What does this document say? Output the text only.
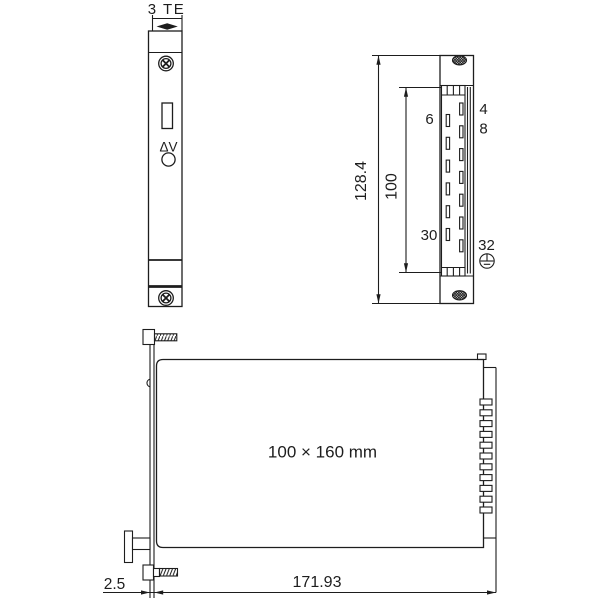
3 TE
ΔV
6
4
8
30
32
128.4 100
100 × 160 mm
2.5	171.93
